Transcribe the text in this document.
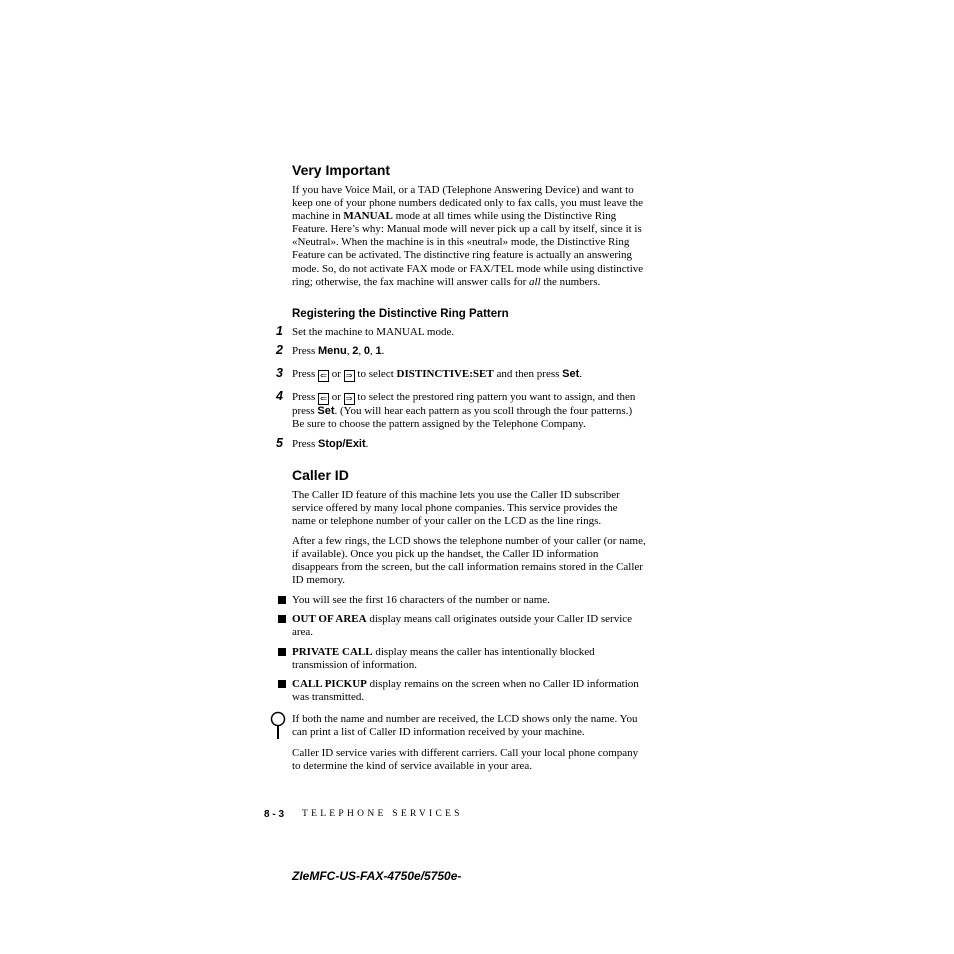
Very Important
If you have Voice Mail, or a TAD (Telephone Answering Device) and want to
keep one of your phone numbers dedicated only to fax calls, you must leave the
machine in MANUAL mode at all times while using the Distinctive Ring
Feature. Here’s why: Manual mode will never pick up a call by itself, since it is
«Neutral». When the machine is in this «neutral» mode, the Distinctive Ring
Feature can be activated. The distinctive ring feature is actually an answering
mode. So, do not activate FAX mode or FAX/TEL mode while using distinctive
ring; otherwise, the fax machine will answer calls for all the numbers.
Registering the Distinctive Ring Pattern
1 Set the machine to MANUAL mode.
2 Press Menu, 2, 0, 1.
3 Press ⇐ or ⇒ to select DISTINCTIVE:SET and then press Set.
4 Press ⇐ or ⇒ to select the prestored ring pattern you want to assign, and then
press Set. (You will hear each pattern as you scoll through the four patterns.)
Be sure to choose the pattern assigned by the Telephone Company.
5 Press Stop/Exit.
Caller ID
The Caller ID feature of this machine lets you use the Caller ID subscriber
service offered by many local phone companies. This service provides the
name or telephone number of your caller on the LCD as the line rings.
After a few rings, the LCD shows the telephone number of your caller (or name,
if available). Once you pick up the handset, the Caller ID information
disappears from the screen, but the call information remains stored in the Caller
ID memory.
You will see the first 16 characters of the number or name.
OUT OF AREA display means call originates outside your Caller ID service
area.
PRIVATE CALL display means the caller has intentionally blocked
transmission of information.
CALL PICKUP display remains on the screen when no Caller ID information
was transmitted.
If both the name and number are received, the LCD shows only the name. You
can print a list of Caller ID information received by your machine.
Caller ID service varies with different carriers. Call your local phone company
to determine the kind of service available in your area.
8 - 3 TELEPHONE SERVICES
ZIeMFC-US-FAX-4750e/5750e-
